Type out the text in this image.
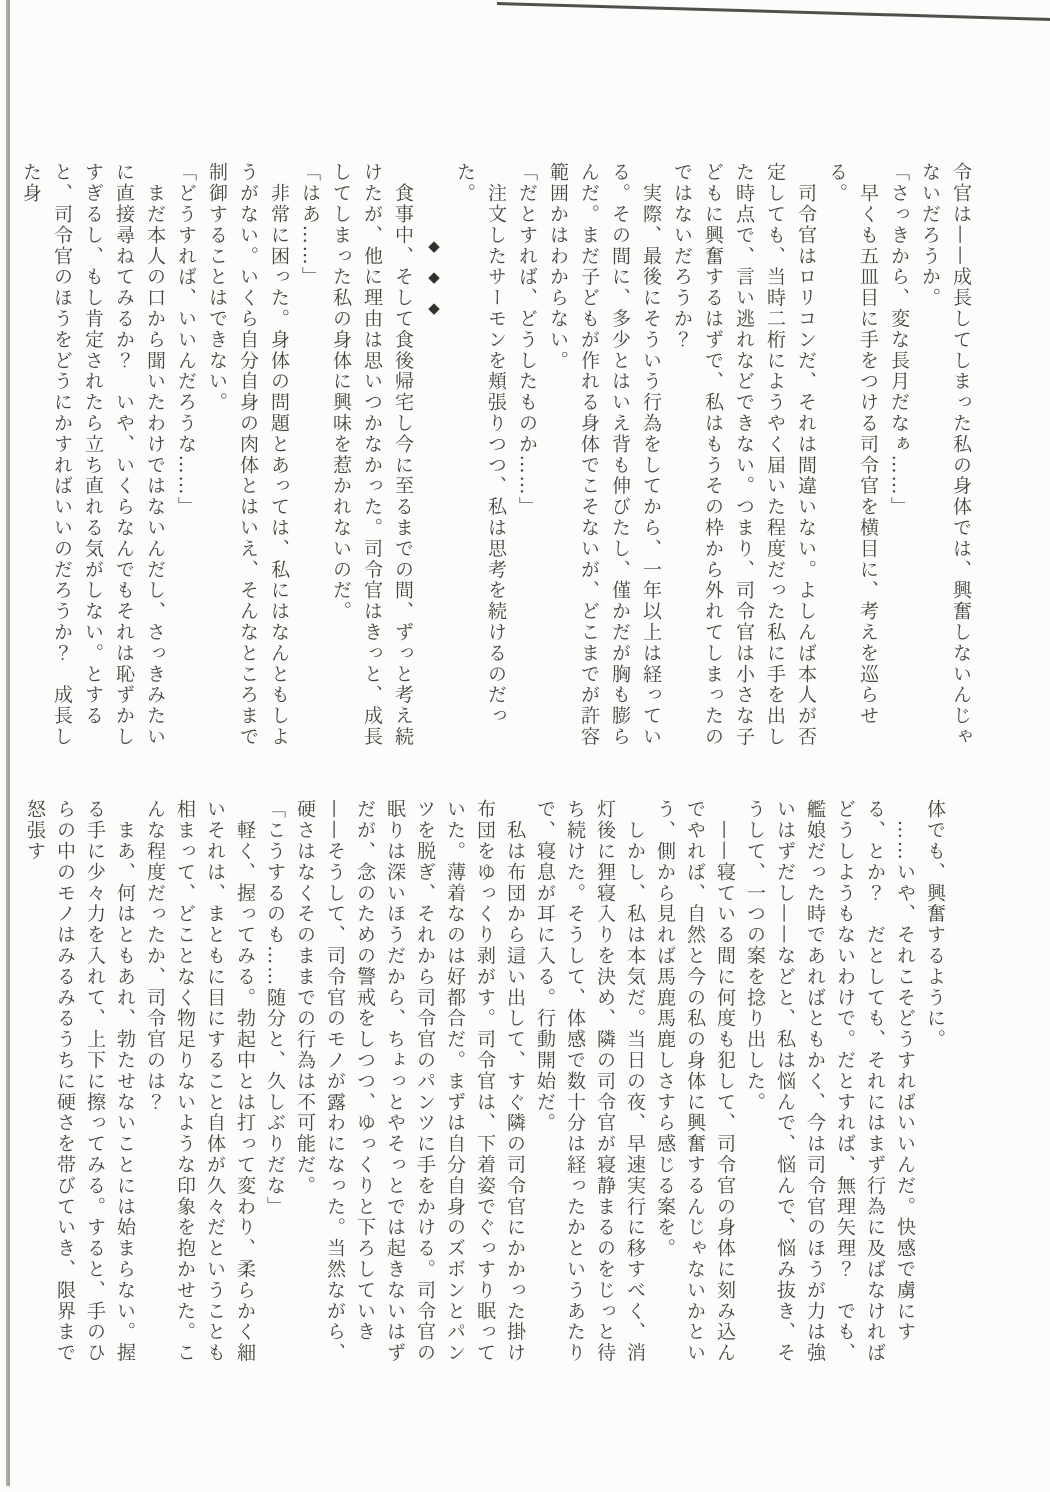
令官は——成長してしまった私の身体では、興奮しないんじゃないだろうか。

「さっきから、変な長月だなぁ……」

　早くも五皿目に手をつける司令官を横目に、考えを巡らせる。

　司令官はロリコンだ、それは間違いない。よしんば本人が否定しても、当時二桁にようやく届いた程度だった私に手を出した時点で、言い逃れなどできない。つまり、司令官は小さな子どもに興奮するはずで、私はもうその枠から外れてしまったのではないだろうか？

　実際、最後にそういう行為をしてから、一年以上は経っている。その間に、多少とはいえ背も伸びたし、僅かだが胸も膨らんだ。まだ子どもが作れる身体でこそないが、どこまでが許容範囲かはわからない。

「だとすれば、どうしたものか……」

　注文したサーモンを頬張りつつ、私は思考を続けるのだった。

◆◆◆

　食事中、そして食後帰宅し今に至るまでの間、ずっと考え続けたが、他に理由は思いつかなかった。司令官はきっと、成長してしまった私の身体に興味を惹かれないのだ。

「はあ……」

　非常に困った。身体の問題とあっては、私にはなんともしようがない。いくら自分自身の肉体とはいえ、そんなところまで制御することはできない。

「どうすれば、いいんだろうな……」

　まだ本人の口から聞いたわけではないんだし、さっきみたいに直接尋ねてみるか？　いや、いくらなんでもそれは恥ずかしすぎるし、もし肯定されたら立ち直れる気がしない。とすると、司令官のほうをどうにかすればいいのだろうか？　成長した身

体でも、興奮するように。

　……いや、それこそどうすればいいんだ。快感で虜にする、とか？　だとしても、それにはまず行為に及ばなければどうしようもないわけで。だとすれば、無理矢理？　でも、艦娘だった時であればともかく、今は司令官のほうが力は強いはずだし——などと、私は悩んで、悩んで、悩み抜き、そうして、一つの案を捻り出した。

　——寝ている間に何度も犯して、司令官の身体に刻み込んでやれば、自然と今の私の身体に興奮するんじゃないかという、側から見れば馬鹿馬鹿しさすら感じる案を。

　しかし、私は本気だ。当日の夜、早速実行に移すべく、消灯後に狸寝入りを決め、隣の司令官が寝静まるのをじっと待ち続けた。そうして、体感で数十分は経ったかというあたりで、寝息が耳に入る。行動開始だ。

　私は布団から這い出して、すぐ隣の司令官にかかった掛け布団をゆっくり剥がす。司令官は、下着姿でぐっすり眠っていた。薄着なのは好都合だ。まずは自分自身のズボンとパンツを脱ぎ、それから司令官のパンツに手をかける。司令官の眠りは深いほうだから、ちょっとやそっとでは起きないはずだが、念のための警戒をしつつ、ゆっくりと下ろしていき——そうして、司令官のモノが露わになった。当然ながら、硬さはなくそのままでの行為は不可能だ。

「こうするのも……随分と、久しぶりだな」

　軽く、握ってみる。勃起中とは打って変わり、柔らかく細いそれは、まともに目にすること自体が久々だということも相まって、どことなく物足りないような印象を抱かせた。こんな程度だったか、司令官のは？

　まあ、何はともあれ、勃たせないことには始まらない。握る手に少々力を入れて、上下に擦ってみる。すると、手のひらの中のモノはみるみるうちに硬さを帯びていき、限界まで怒張す
